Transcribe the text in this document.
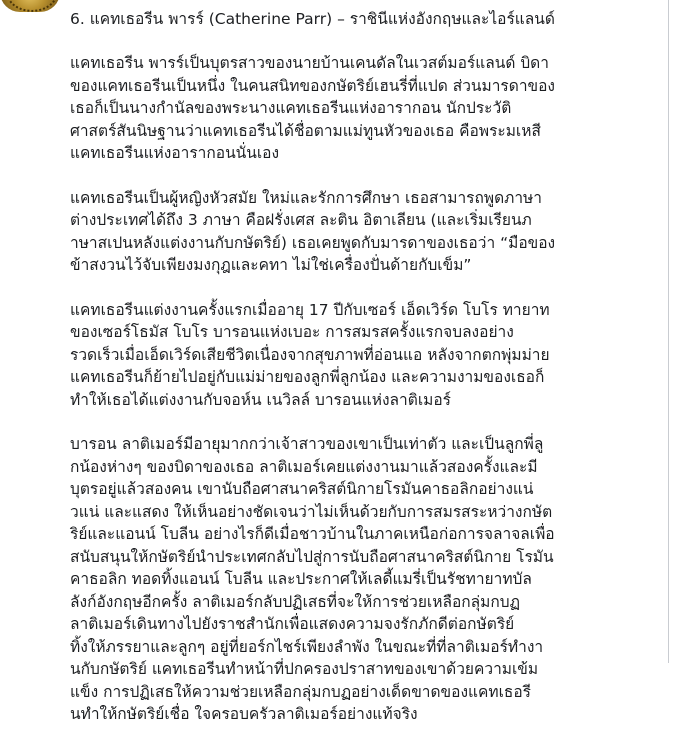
6. แคทเธอรีน พารร์ (Catherine Parr) – ราชินีแห่งอังกฤษและไอร์แลนด์
แคทเธอรีน พารร์เป็นบุตรสาวของนายบ้านเคนดัลในเวสต์มอร์แลนด์ บิดา
ของแคทเธอรีนเป็นหนึ่ง ในคนสนิทของกษัตริย์เฮนรี่ที่แปด ส่วนมารดาของ
เธอก็เป็นนางกำนัลของพระนางแคทเธอรีนแห่งอารากอน นักประวัติ
ศาสตร์สันนิษฐานว่าแคทเธอรีนได้ชื่อตามแม่ทูนหัวของเธอ คือพระมเหสี
แคทเธอรีนแห่งอารากอนนั่นเอง
แคทเธอรีนเป็นผู้หญิงหัวสมัย ใหม่และรักการศึกษา เธอสามารถพูดภาษา
ต่างประเทศได้ถึง 3 ภาษา คือฝรั่งเศส ละติน อิตาเลียน (และเริ่มเรียนภ
าษาสเปนหลังแต่งงานกับกษัตริย์) เธอเคยพูดกับมารดาของเธอว่า “มือของ
ข้าสงวนไว้จับเพียงมงกุฎและคทา ไม่ใช่เครื่องปั่นด้ายกับเข็ม”
แคทเธอรีนแต่งงานครั้งแรกเมื่ออายุ 17 ปีกับเซอร์ เอ็ดเวิร์ด โบโร ทายาท
ของเซอร์โธมัส โบโร บารอนแห่งเบอะ การสมรสครั้งแรกจบลงอย่าง
รวดเร็วเมื่อเอ็ดเวิร์ดเสียชีวิตเนื่องจากสุขภาพที่อ่อนแอ หลังจากตกพุ่มม่าย
แคทเธอรีนก็ย้ายไปอยู่กับแม่ม่ายของลูกพี่ลูกน้อง และความงามของเธอก็
ทำให้เธอได้แต่งงานกับจอห์น เนวิลล์ บารอนแห่งลาติเมอร์
บารอน ลาติเมอร์มีอายุมากกว่าเจ้าสาวของเขาเป็นเท่าตัว และเป็นลูกพี่ลู
กน้องห่างๆ ของบิดาของเธอ ลาติเมอร์เคยแต่งงานมาแล้วสองครั้งและมี
บุตรอยู่แล้วสองคน เขานับถือศาสนาคริสต์นิกายโรมันคาธอลิกอย่างแน่
วแน่ และแสดง ให้เห็นอย่างชัดเจนว่าไม่เห็นด้วยกับการสมรสระหว่างกษัต
ริย์และแอนน์ โบลีน อย่างไรก็ดีเมื่อชาวบ้านในภาคเหนือก่อการจลาจลเพื่อ
สนับสนุนให้กษัตริย์นำประเทศกลับไปสู่การนับถือศาสนาคริสต์นิกาย โรมัน
คาธอลิก ทอดทิ้งแอนน์ โบลีน และประกาศให้เลดี้แมรี่เป็นรัชทายาทบัล
ลังก์อังกฤษอีกครั้ง ลาติเมอร์กลับปฏิเสธที่จะให้การช่วยเหลือกลุ่มกบฏ
ลาติเมอร์เดินทางไปยังราชสำนักเพื่อแสดงความจงรักภักดีต่อกษัตริย์
ทิ้งให้ภรรยาและลูกๆ อยู่ที่ยอร์กไชร์เพียงลำพัง ในขณะที่ที่ลาติเมอร์ทำงา
นกับกษัตริย์ แคทเธอรีนทำหน้าที่ปกครองปราสาทของเขาด้วยความเข้ม
แข็ง การปฏิเสธให้ความช่วยเหลือกลุ่มกบฏอย่างเด็ดขาดของแคทเธอรี
นทำให้กษัตริย์เชื่อ ใจครอบครัวลาติเมอร์อย่างแท้จริง
